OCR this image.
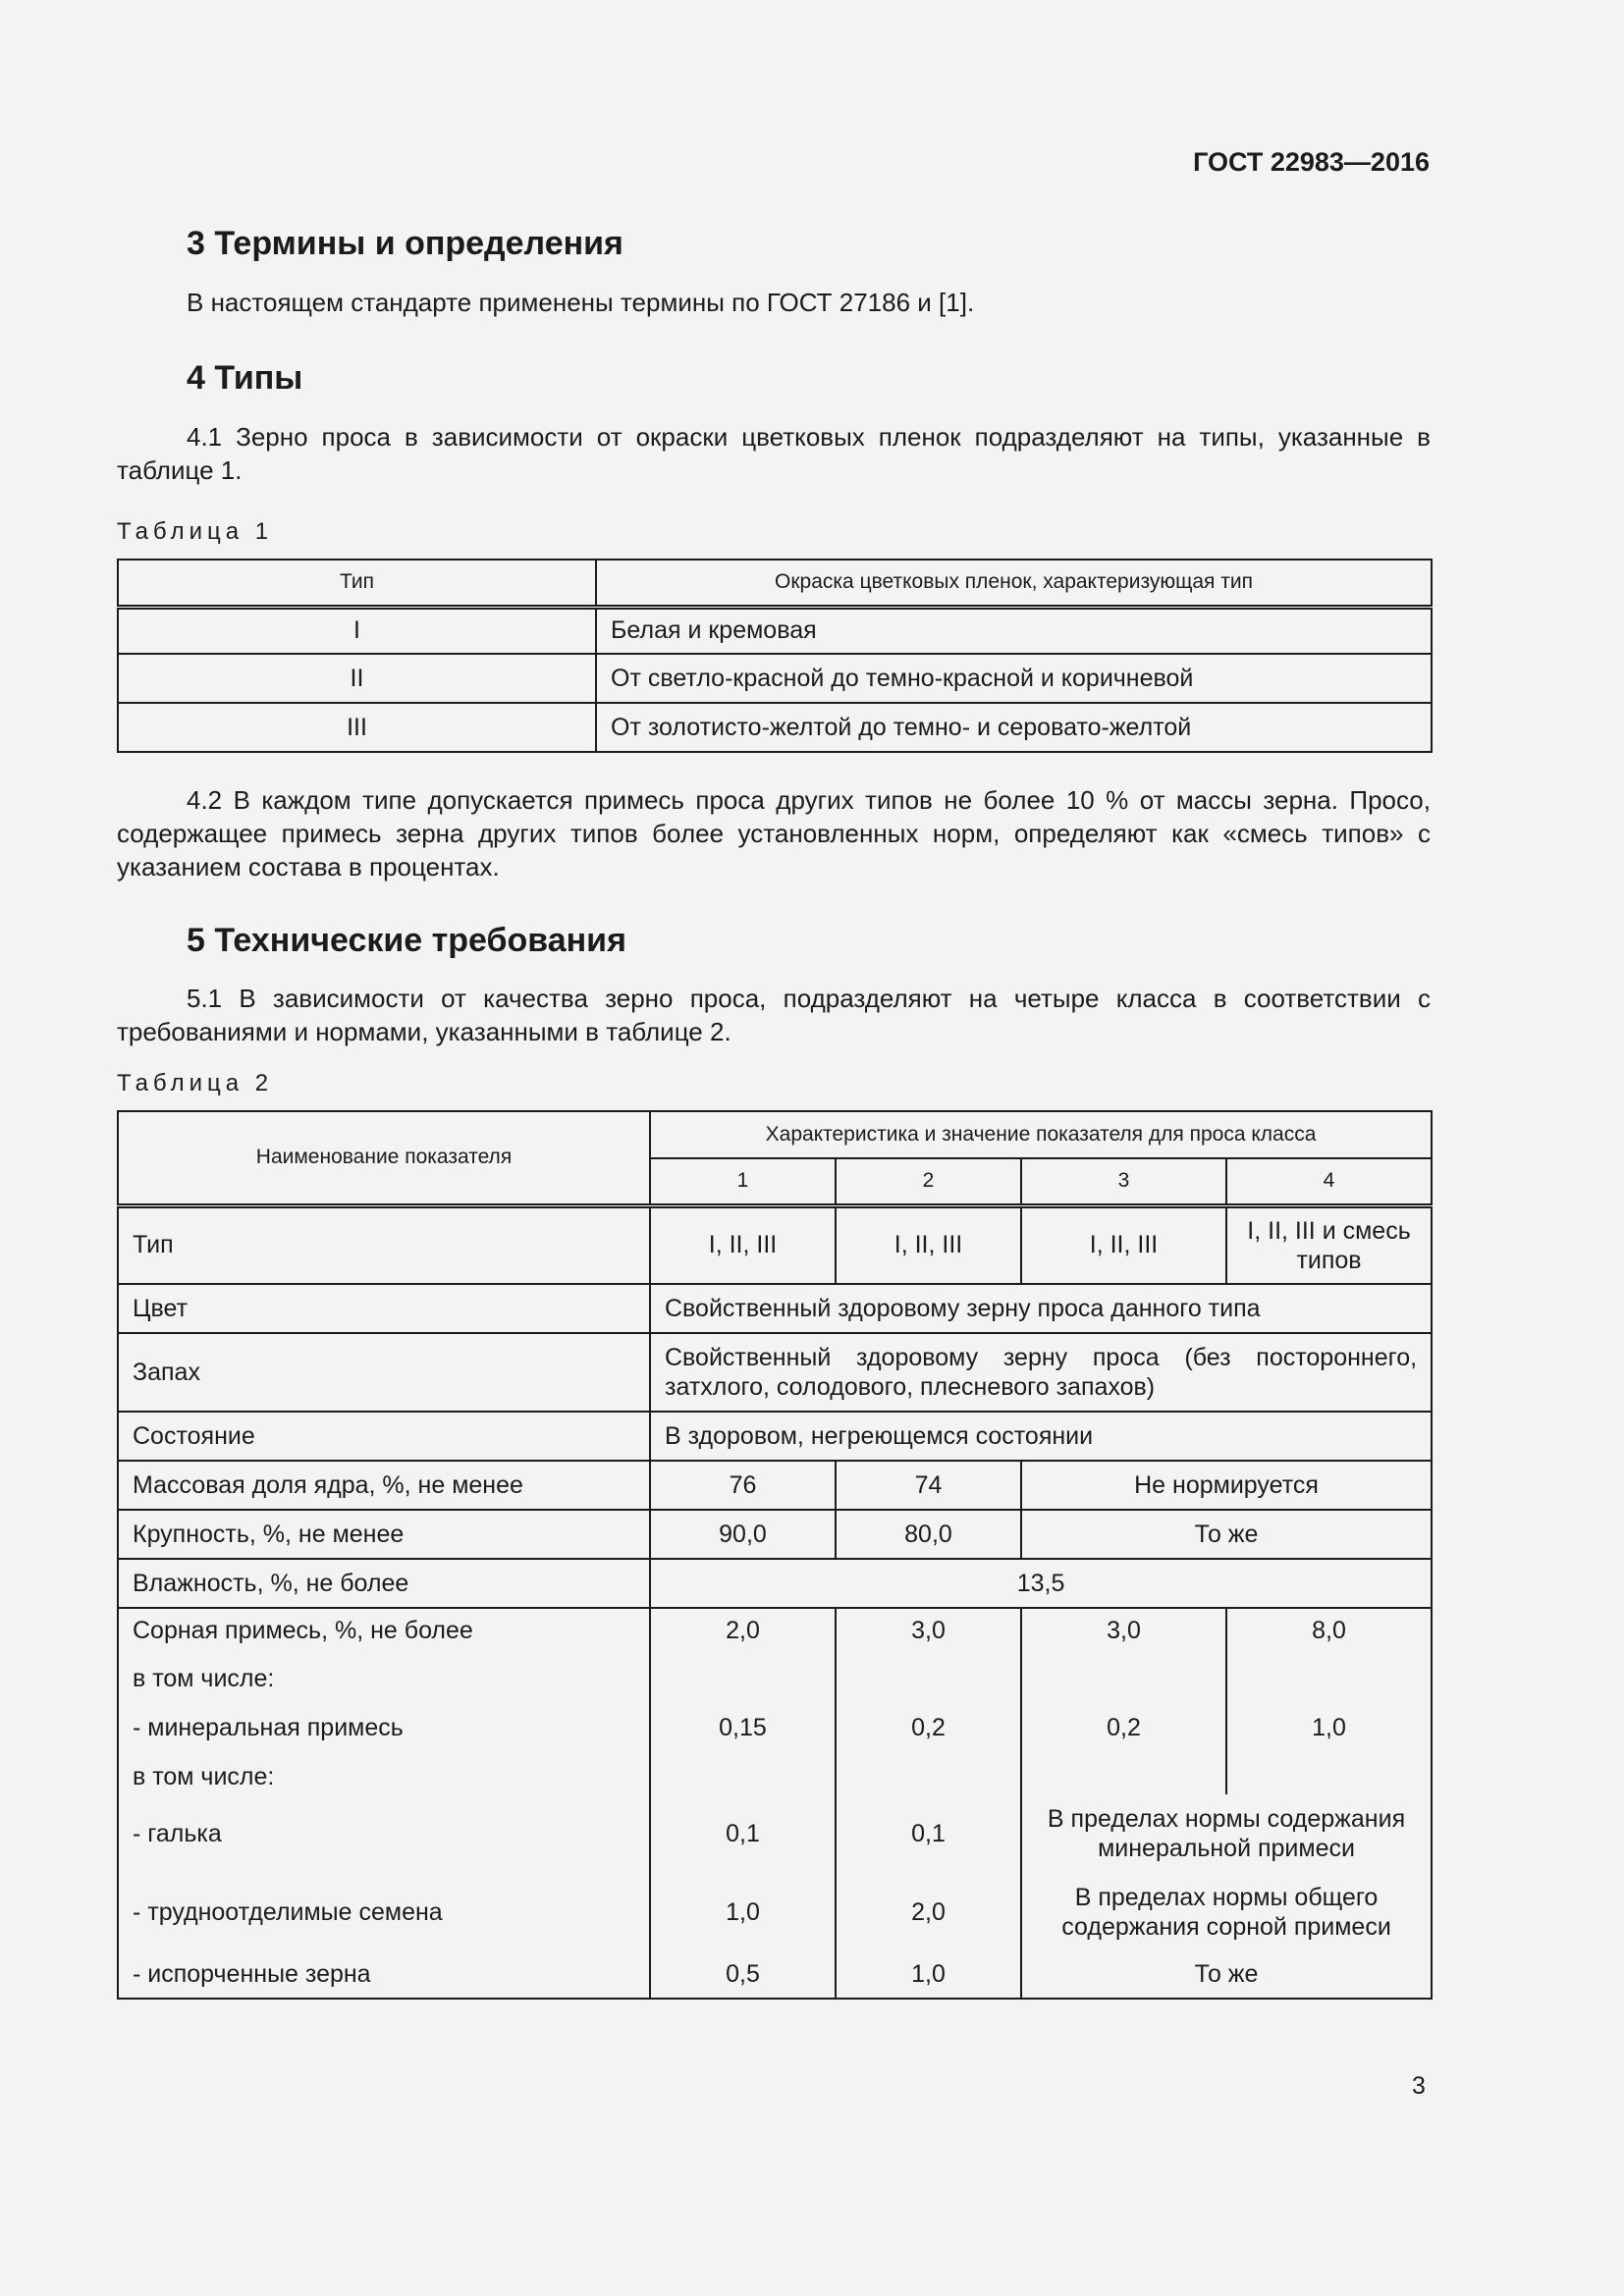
ГОСТ 22983—2016
3 Термины и определения

В настоящем стандарте применены термины по ГОСТ 27186 и [1].

4 Типы

4.1 Зерно проса в зависимости от окраски цветковых пленок подразделяют на типы, указанные в таблице 1.

Таблица 1

Тип	Окраска цветковых пленок, характеризующая тип
I	Белая и кремовая
II	От светло-красной до темно-красной и коричневой
III	От золотисто-желтой до темно- и серовато-желтой

4.2 В каждом типе допускается примесь проса других типов не более 10 % от массы зерна. Просо, содержащее примесь зерна других типов более установленных норм, определяют как «смесь типов» с указанием состава в процентах.

5 Технические требования

5.1 В зависимости от качества зерно проса, подразделяют на четыре класса в соответствии с требованиями и нормами, указанными в таблице 2.

Таблица 2

Наименование показателя	Характеристика и значение показателя для проса класса			
	1	2	3	4
Тип	I, II, III	I, II, III	I, II, III	I, II, III и смесь типов
Цвет	Свойственный здоровому зерну проса данного типа			
Запах	Свойственный здоровому зерну проса (без постороннего, затхлого, солодового, плесневого запахов)			
Состояние	В здоровом, негреющемся состоянии			
Массовая доля ядра, %, не менее	76	74	Не нормируется	
Крупность, %, не менее	90,0	80,0	То же	
Влажность, %, не более	13,5			
Сорная примесь, %, не более	2,0	3,0	3,0	8,0
в том числе:				
- минеральная примесь	0,15	0,2	0,2	1,0
в том числе:				
- галька	0,1	0,1	В пределах нормы содержания минеральной примеси	
- трудноотделимые семена	1,0	2,0	В пределах нормы общего содержания сорной примеси	
- испорченные зерна	0,5	1,0	То же	
3
